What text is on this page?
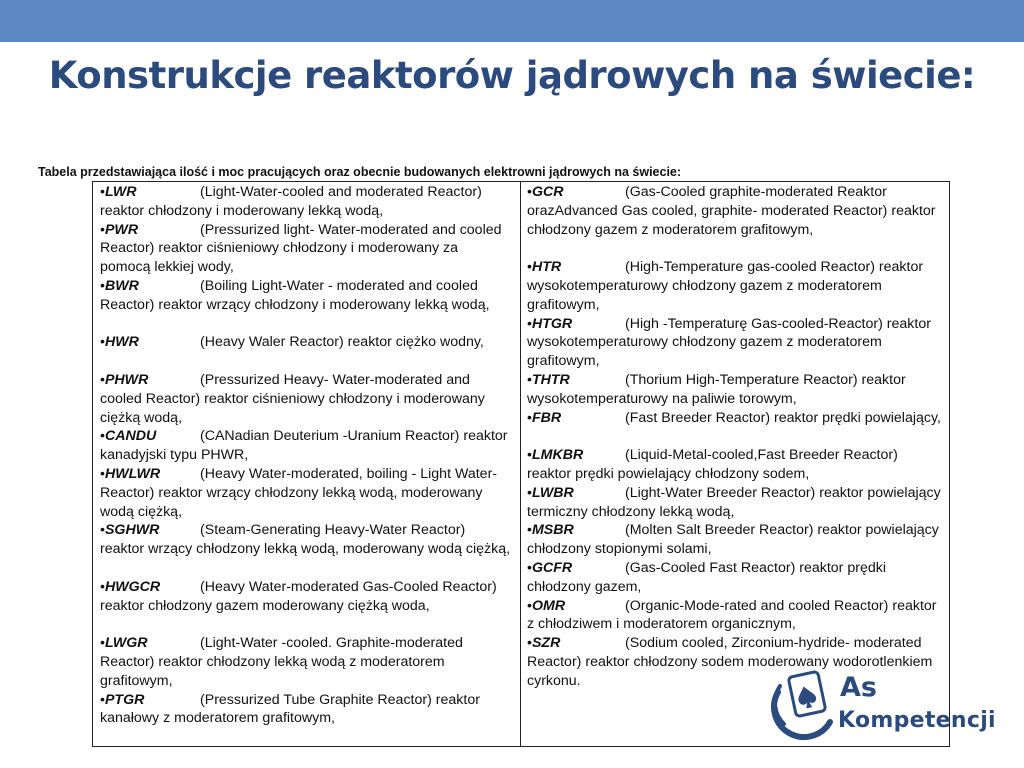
Konstrukcje reaktorów jądrowych na świecie:
Tabela przedstawiająca ilość i moc pracujących oraz obecnie budowanych elektrowni jądrowych na świecie:
•LWR	(Light-Water-cooled and moderated Reactor) reaktor chłodzony i moderowany lekką wodą,
•PWR	(Pressurized light- Water-moderated and cooled Reactor) reaktor ciśnieniowy chłodzony i moderowany za pomocą lekkiej wody,
•BWR	(Boiling Light-Water - moderated and cooled Reactor) reaktor wrzący chłodzony i moderowany lekką wodą,
•HWR	(Heavy Waler Reactor) reaktor ciężko wodny,
•PHWR	(Pressurized Heavy- Water-moderated and cooled Reactor) reaktor ciśnieniowy chłodzony i moderowany ciężką wodą,
•CANDU	(CANadian Deuterium -Uranium Reactor) reaktor kanadyjski typu PHWR,
•HWLWR	(Heavy Water-moderated, boiling - Light Water-Reactor) reaktor wrzący chłodzony lekką wodą, moderowany wodą ciężką,
•SGHWR	(Steam-Generating Heavy-Water Reactor) reaktor wrzący chłodzony lekką wodą, moderowany wodą ciężką,
•HWGCR	(Heavy Water-moderated Gas-Cooled Reactor) reaktor chłodzony gazem moderowany ciężką woda,
•LWGR	(Light-Water -cooled. Graphite-moderated Reactor) reaktor chłodzony lekką wodą z moderatorem grafitowym,
•PTGR	(Pressurized Tube Graphite Reactor) reaktor kanałowy z moderatorem grafitowym,
•GCR	(Gas-Cooled graphite-moderated Reaktor orazAdvanced Gas cooled, graphite- moderated Reactor) reaktor chłodzony gazem z moderatorem grafitowym,
•HTR	(High-Temperature gas-cooled Reactor) reaktor wysokotemperaturowy chłodzony gazem z moderatorem grafitowym,
•HTGR	(High -Temperaturę Gas-cooled-Reactor) reaktor wysokotemperaturowy chłodzony gazem z moderatorem grafitowym,
•THTR	(Thorium High-Temperature Reactor) reaktor wysokotemperaturowy na paliwie torowym,
•FBR	(Fast Breeder Reactor) reaktor prędki powielający,
•LMKBR	(Liquid-Metal-cooled,Fast Breeder Reactor) reaktor prędki powielający chłodzony sodem,
•LWBR	(Light-Water Breeder Reactor) reaktor powielający termiczny chłodzony lekką wodą,
•MSBR	(Molten Salt Breeder Reactor) reaktor powielający chłodzony stopionymi solami,
•GCFR	(Gas-Cooled Fast Reactor) reaktor prędki chłodzony gazem,
•OMR	(Organic-Mode-rated and cooled Reactor) reaktor z chłodziwem i moderatorem organicznym,
•SZR	(Sodium cooled, Zirconium-hydride- moderated Reactor) reaktor chłodzony sodem moderowany wodorotlenkiem cyrkonu.	As
Kompetencji
